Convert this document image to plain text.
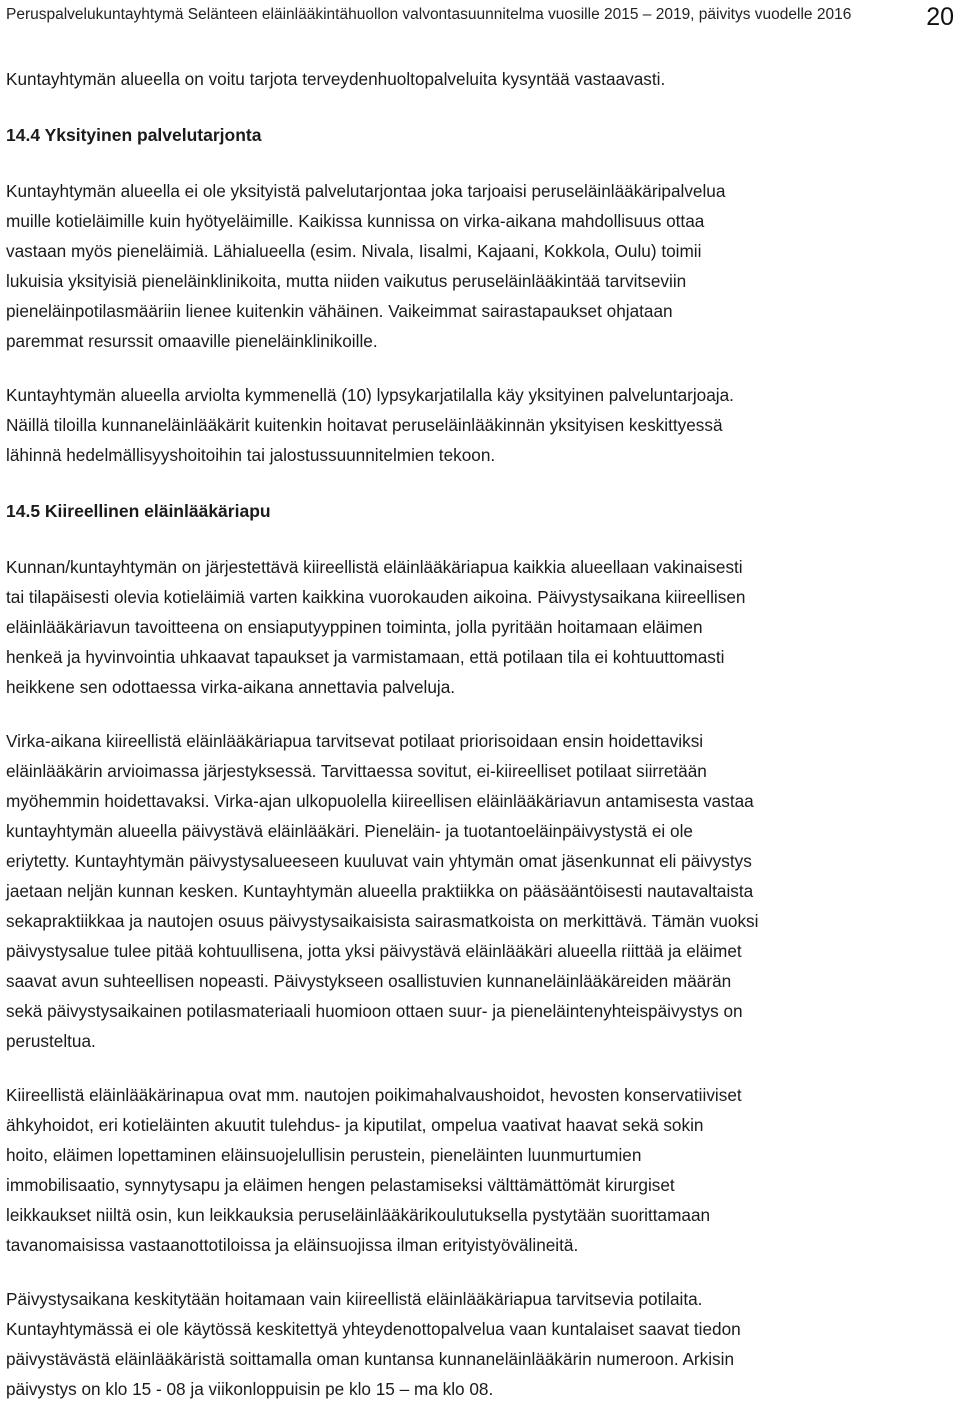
Peruspalvelukuntayhtymä Selänteen eläinlääkintähuollon valvontasuunnitelma vuosille 2015 – 2019, päivitys vuodelle 2016	20

Kuntayhtymän alueella on voitu tarjota terveydenhuoltopalveluita kysyntää vastaavasti.

14.4 Yksityinen palvelutarjonta

Kuntayhtymän alueella ei ole yksityistä palvelutarjontaa joka tarjoaisi peruseläinlääkäripalvelua
muille kotieläimille kuin hyötyeläimille. Kaikissa kunnissa on virka-aikana mahdollisuus ottaa
vastaan myös pieneläimiä. Lähialueella (esim. Nivala, Iisalmi, Kajaani, Kokkola, Oulu) toimii
lukuisia yksityisiä pieneläinklinikoita, mutta niiden vaikutus peruseläinlääkintää tarvitseviin
pieneläinpotilasmääriin lienee kuitenkin vähäinen. Vaikeimmat sairastapaukset ohjataan
paremmat resurssit omaaville pieneläinklinikoille.

Kuntayhtymän alueella arviolta kymmenellä (10) lypsykarjatilalla käy yksityinen palveluntarjoaja.
Näillä tiloilla kunnaneläinlääkärit kuitenkin hoitavat peruseläinlääkinnän yksityisen keskittyessä
lähinnä hedelmällisyyshoitoihin tai jalostussuunnitelmien tekoon.

14.5 Kiireellinen eläinlääkäriapu

Kunnan/kuntayhtymän on järjestettävä kiireellistä eläinlääkäriapua kaikkia alueellaan vakinaisesti
tai tilapäisesti olevia kotieläimiä varten kaikkina vuorokauden aikoina. Päivystysaikana kiireellisen
eläinlääkäriavun tavoitteena on ensiaputyyppinen toiminta, jolla pyritään hoitamaan eläimen
henkeä ja hyvinvointia uhkaavat tapaukset ja varmistamaan, että potilaan tila ei kohtuuttomasti
heikkene sen odottaessa virka-aikana annettavia palveluja.

Virka-aikana kiireellistä eläinlääkäriapua tarvitsevat potilaat priorisoidaan ensin hoidettaviksi
eläinlääkärin arvioimassa järjestyksessä. Tarvittaessa sovitut, ei-kiireelliset potilaat siirretään
myöhemmin hoidettavaksi. Virka-ajan ulkopuolella kiireellisen eläinlääkäriavun antamisesta vastaa
kuntayhtymän alueella päivystävä eläinlääkäri. Pieneläin- ja tuotantoeläinpäivystystä ei ole
eriytetty. Kuntayhtymän päivystysalueeseen kuuluvat vain yhtymän omat jäsenkunnat eli päivystys
jaetaan neljän kunnan kesken. Kuntayhtymän alueella praktiikka on pääsääntöisesti nautavaltaista
sekapraktiikkaa ja nautojen osuus päivystysaikaisista sairasmatkoista on merkittävä. Tämän vuoksi
päivystysalue tulee pitää kohtuullisena, jotta yksi päivystävä eläinlääkäri alueella riittää ja eläimet
saavat avun suhteellisen nopeasti. Päivystykseen osallistuvien kunnaneläinlääkäreiden määrän
sekä päivystysaikainen potilasmateriaali huomioon ottaen suur- ja pieneläintenyhteispäivystys on
perusteltua.

Kiireellistä eläinlääkärinapua ovat mm. nautojen poikimahalvaushoidot, hevosten konservatiiviset
ähkyhoidot, eri kotieläinten akuutit tulehdus- ja kiputilat, ompelua vaativat haavat sekä sokin
hoito, eläimen lopettaminen eläinsuojelullisin perustein, pieneläinten luunmurtumien
immobilisaatio, synnytysapu ja eläimen hengen pelastamiseksi välttämättömät kirurgiset
leikkaukset niiltä osin, kun leikkauksia peruseläinlääkärikoulutuksella pystytään suorittamaan
tavanomaisissa vastaanottotiloissa ja eläinsuojissa ilman erityistyövälineitä.

Päivystysaikana keskitytään hoitamaan vain kiireellistä eläinlääkäriapua tarvitsevia potilaita.
Kuntayhtymässä ei ole käytössä keskitettyä yhteydenottopalvelua vaan kuntalaiset saavat tiedon
päivystävästä eläinlääkäristä soittamalla oman kuntansa kunnaneläinlääkärin numeroon. Arkisin
päivystys on klo 15 - 08 ja viikonloppuisin pe klo 15 – ma klo 08.
